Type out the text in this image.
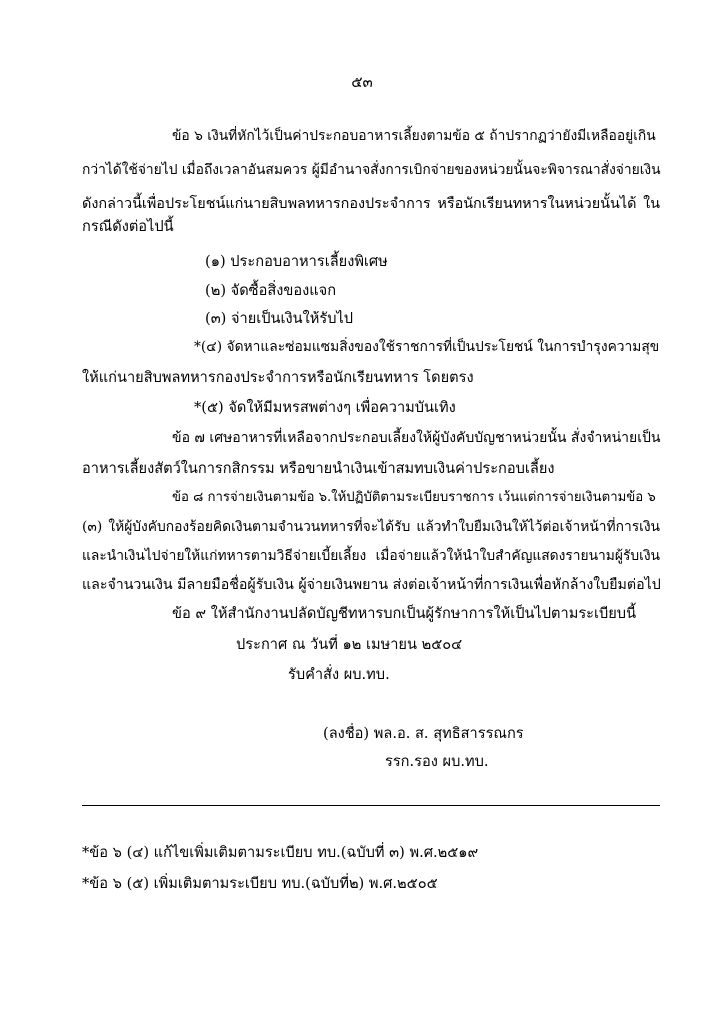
๕๓
ข้อ ๖ เงินที่หักไว้เป็นค่าประกอบอาหารเลี้ยงตามข้อ ๕ ถ้าปรากฏว่ายังมีเหลืออยู่เกิน
กว่าได้ใช้จ่ายไป เมื่อถึงเวลาอันสมควร ผู้มีอำนาจสั่งการเบิกจ่ายของหน่วยนั้นจะพิจารณาสั่งจ่ายเงิน
ดังกล่าวนี้เพื่อประโยชน์แก่นายสิบพลทหารกองประจำการ หรือนักเรียนทหารในหน่วยนั้นได้ ใน
กรณีดังต่อไปนี้
(๑) ประกอบอาหารเลี้ยงพิเศษ
(๒) จัดซื้อสิ่งของแจก
(๓) จ่ายเป็นเงินให้รับไป
*(๔) จัดหาและซ่อมแซมสิ่งของใช้ราชการที่เป็นประโยชน์ ในการบำรุงความสุข
ให้แก่นายสิบพลทหารกองประจำการหรือนักเรียนทหาร โดยตรง
*(๕) จัดให้มีมหรสพต่างๆ เพื่อความบันเทิง
ข้อ ๗ เศษอาหารที่เหลือจากประกอบเลี้ยงให้ผู้บังคับบัญชาหน่วยนั้น สั่งจำหน่ายเป็น
อาหารเลี้ยงสัตว์ในการกสิกรรม หรือขายนำเงินเข้าสมทบเงินค่าประกอบเลี้ยง
ข้อ ๘ การจ่ายเงินตามข้อ ๖.ให้ปฏิบัติตามระเบียบราชการ เว้นแต่การจ่ายเงินตามข้อ ๖
(๓) ให้ผู้บังคับกองร้อยคิดเงินตามจำนวนทหารที่จะได้รับ แล้วทำใบยืมเงินให้ไว้ต่อเจ้าหน้าที่การเงิน
และนำเงินไปจ่ายให้แก่ทหารตามวิธีจ่ายเบี้ยเลี้ยง เมื่อจ่ายแล้วให้นำใบสำคัญแสดงรายนามผู้รับเงิน
และจำนวนเงิน มีลายมือชื่อผู้รับเงิน ผู้จ่ายเงินพยาน ส่งต่อเจ้าหน้าที่การเงินเพื่อหักล้างใบยืมต่อไป
ข้อ ๙ ให้สำนักงานปลัดบัญชีทหารบกเป็นผู้รักษาการให้เป็นไปตามระเบียบนี้
ประกาศ ณ วันที่ ๑๒ เมษายน ๒๕๐๔
รับคำสั่ง ผบ.ทบ.
(ลงชื่อ) พล.อ. ส. สุทธิสารรณกร
รรก.รอง ผบ.ทบ.
*ข้อ ๖ (๔) แก้ไขเพิ่มเติมตามระเบียบ ทบ.(ฉบับที่ ๓) พ.ศ.๒๕๑๙
*ข้อ ๖ (๕) เพิ่มเติมตามระเบียบ ทบ.(ฉบับที่๒) พ.ศ.๒๕๐๕
